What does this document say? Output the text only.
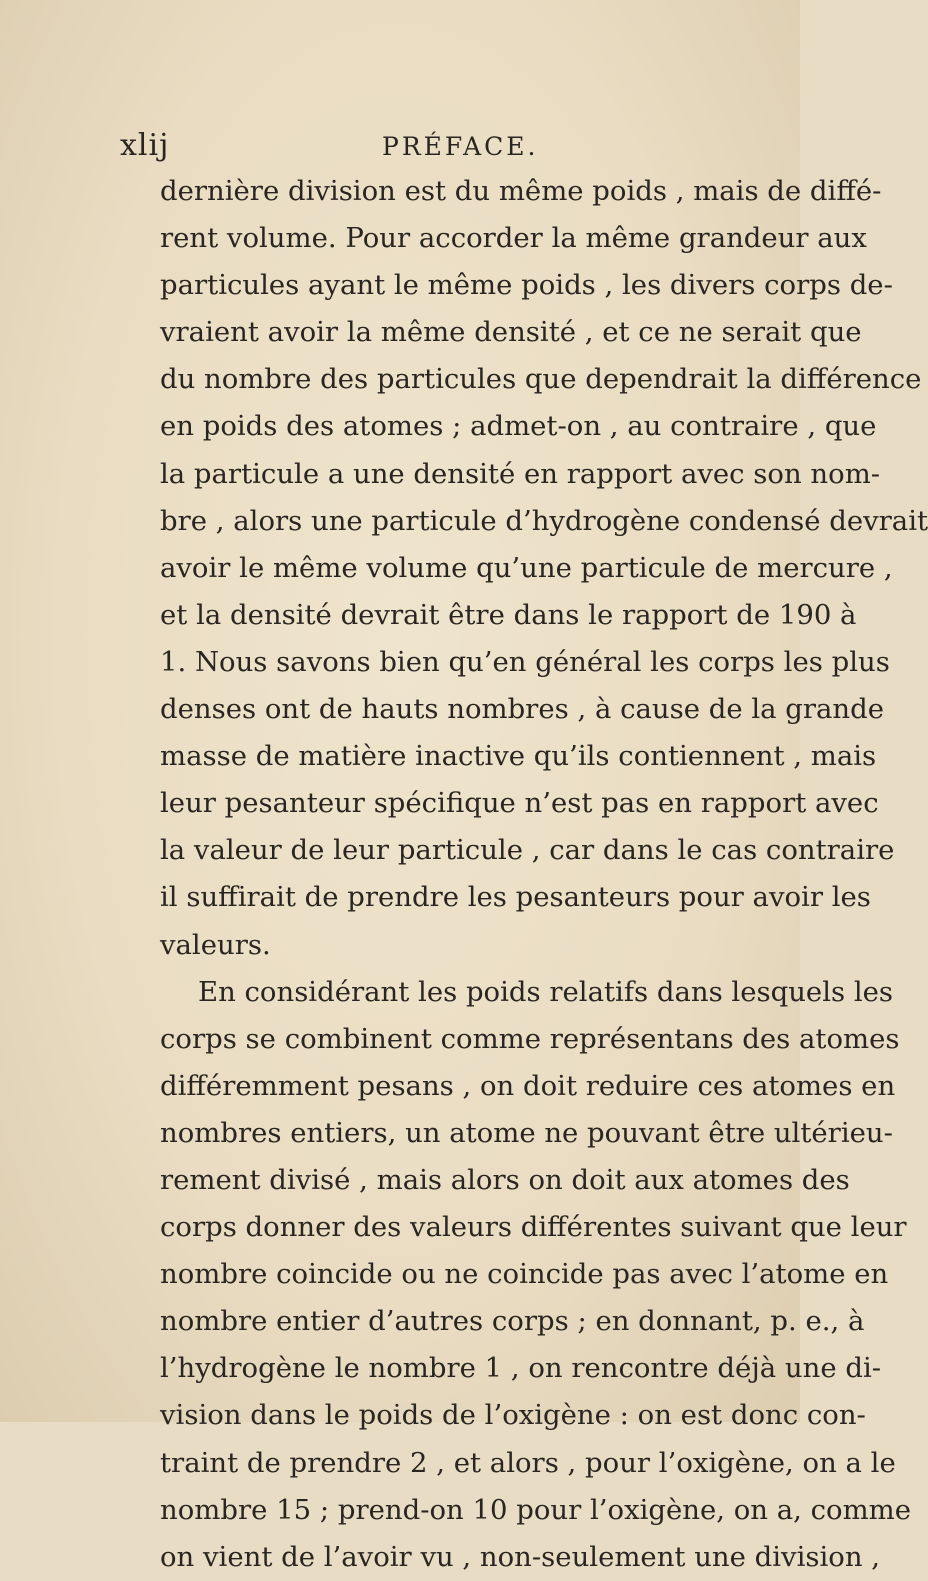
xlij	PRÉFACE.
dernière division est du même poids , mais de diffé-
rent volume. Pour accorder la même grandeur aux
particules ayant le même poids , les divers corps de-
vraient avoir la même densité , et ce ne serait que
du nombre des particules que dependrait la différence
en poids des atomes ; admet-on , au contraire , que
la particule a une densité en rapport avec son nom-
bre , alors une particule d’hydrogène condensé devrait
avoir le même volume qu’une particule de mercure ,
et la densité devrait être dans le rapport de 190 à
1. Nous savons bien qu’en général les corps les plus
denses ont de hauts nombres , à cause de la grande
masse de matière inactive qu’ils contiennent , mais
leur pesanteur spécifique n’est pas en rapport avec
la valeur de leur particule , car dans le cas contraire
il suffirait de prendre les pesanteurs pour avoir les
valeurs.
En considérant les poids relatifs dans lesquels les
corps se combinent comme représentans des atomes
différemment pesans , on doit reduire ces atomes en
nombres entiers, un atome ne pouvant être ultérieu-
rement divisé , mais alors on doit aux atomes des
corps donner des valeurs différentes suivant que leur
nombre coincide ou ne coincide pas avec l’atome en
nombre entier d’autres corps ; en donnant, p. e., à
l’hydrogène le nombre 1 , on rencontre déjà une di-
vision dans le poids de l’oxigène : on est donc con-
traint de prendre 2 , et alors , pour l’oxigène, on a le
nombre 15 ; prend-on 10 pour l’oxigène, on a, comme
on vient de l’avoir vu , non-seulement une division ,
